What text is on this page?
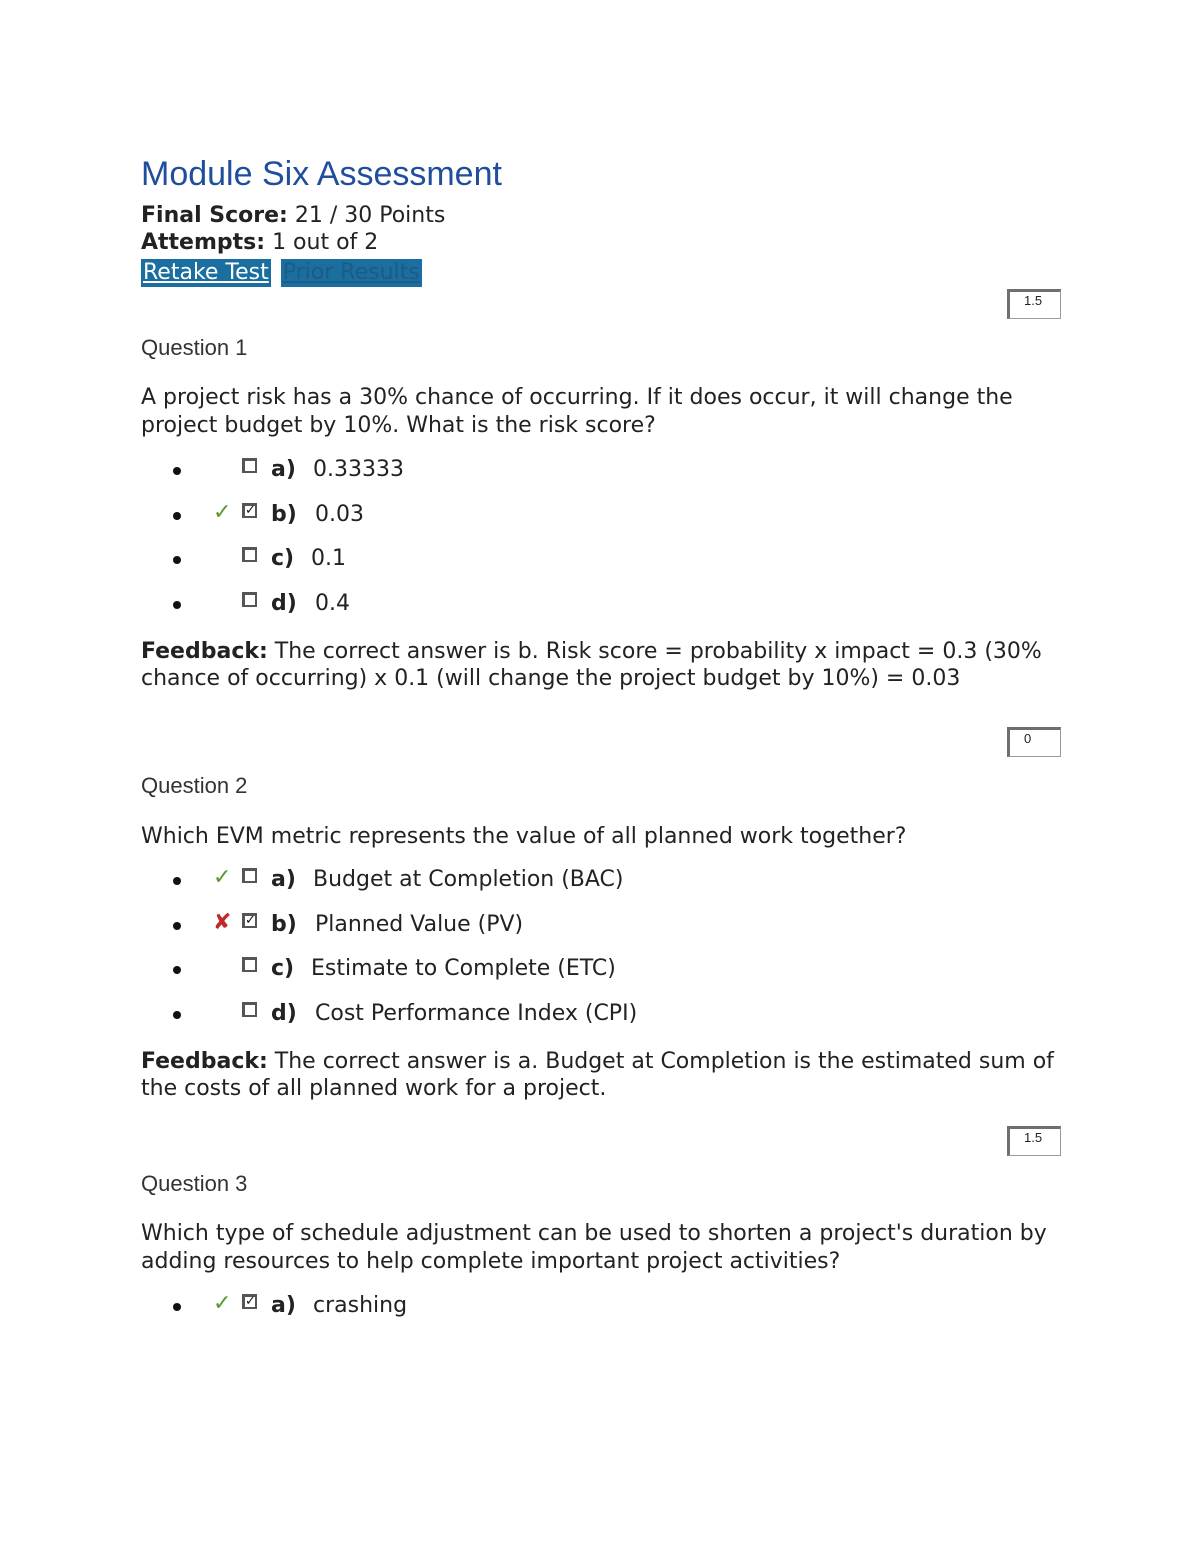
Module Six Assessment
Final Score: 21 / 30 Points
Attempts: 1 out of 2
Retake Test Prior Results
1.5
Question 1

A project risk has a 30% chance of occurring. If it does occur, it will change the project budget by 10%. What is the risk score?

a) 0.33333
✓ ✓ b) 0.03
c) 0.1
d) 0.4

Feedback: The correct answer is b. Risk score = probability x impact = 0.3 (30% chance of occurring) x 0.1 (will change the project budget by 10%) = 0.03

0
Question 2

Which EVM metric represents the value of all planned work together?

✓ a) Budget at Completion (BAC)
✘ ✓ b) Planned Value (PV)
c) Estimate to Complete (ETC)
d) Cost Performance Index (CPI)

Feedback: The correct answer is a. Budget at Completion is the estimated sum of the costs of all planned work for a project.

1.5
Question 3

Which type of schedule adjustment can be used to shorten a project's duration by adding resources to help complete important project activities?

✓ ✓ a) crashing
